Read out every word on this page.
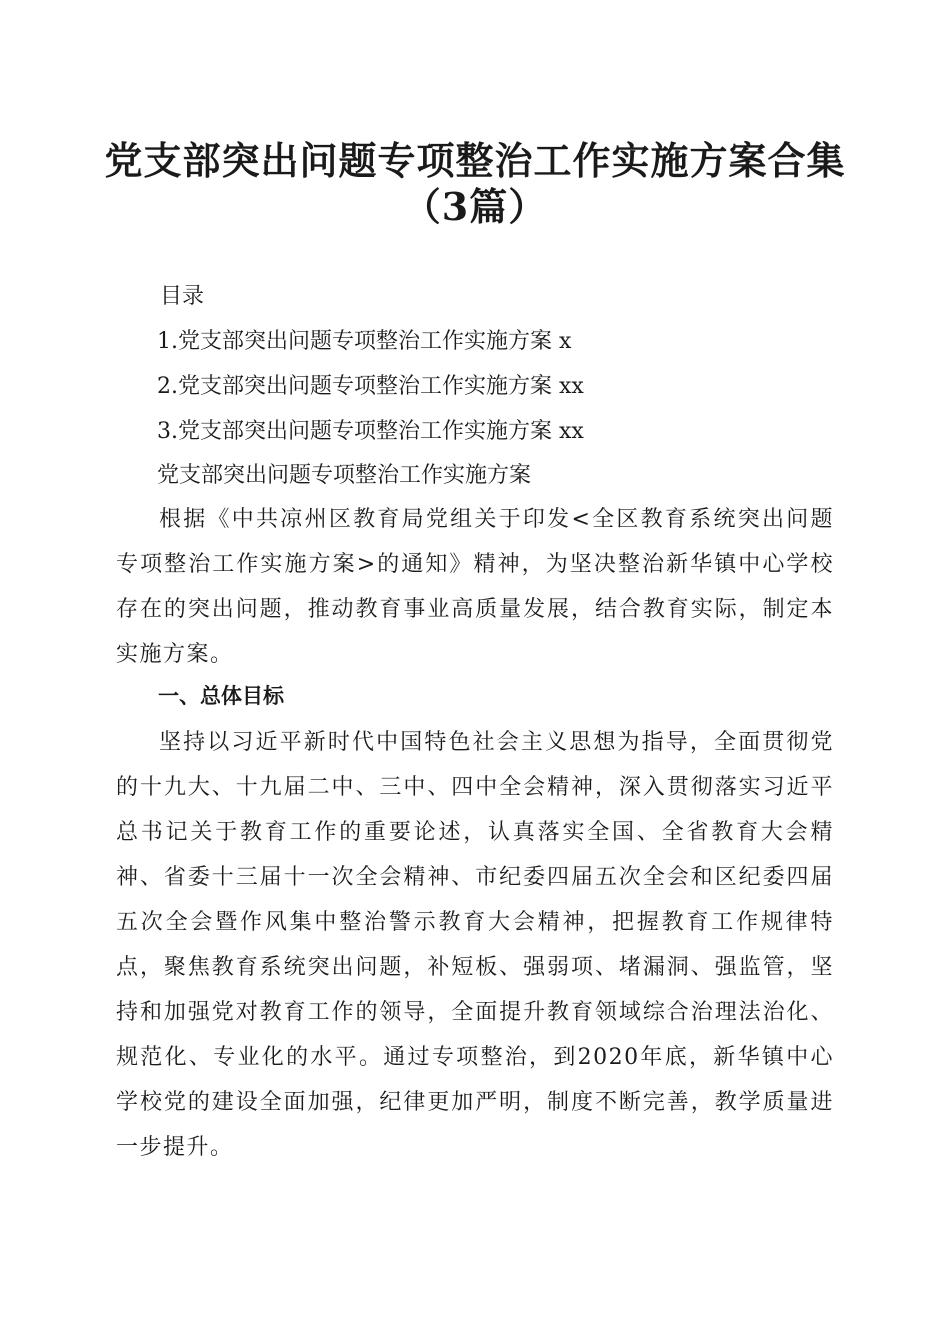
党支部突出问题专项整治工作实施方案合集
（3篇）

目录

1.党支部突出问题专项整治工作实施方案 x

2.党支部突出问题专项整治工作实施方案 xx

3.党支部突出问题专项整治工作实施方案 xx

党支部突出问题专项整治工作实施方案

根据《中共凉州区教育局党组关于印发<全区教育系统突出问题专项整治工作实施方案>的通知》精神，为坚决整治新华镇中心学校存在的突出问题，推动教育事业高质量发展，结合教育实际，制定本实施方案。

一、总体目标

坚持以习近平新时代中国特色社会主义思想为指导，全面贯彻党的十九大、十九届二中、三中、四中全会精神，深入贯彻落实习近平总书记关于教育工作的重要论述，认真落实全国、全省教育大会精神、省委十三届十一次全会精神、市纪委四届五次全会和区纪委四届五次全会暨作风集中整治警示教育大会精神，把握教育工作规律特点，聚焦教育系统突出问题，补短板、强弱项、堵漏洞、强监管，坚持和加强党对教育工作的领导，全面提升教育领域综合治理法治化、规范化、专业化的水平。通过专项整治，到2020年底，新华镇中心学校党的建设全面加强，纪律更加严明，制度不断完善，教学质量进一步提升。
